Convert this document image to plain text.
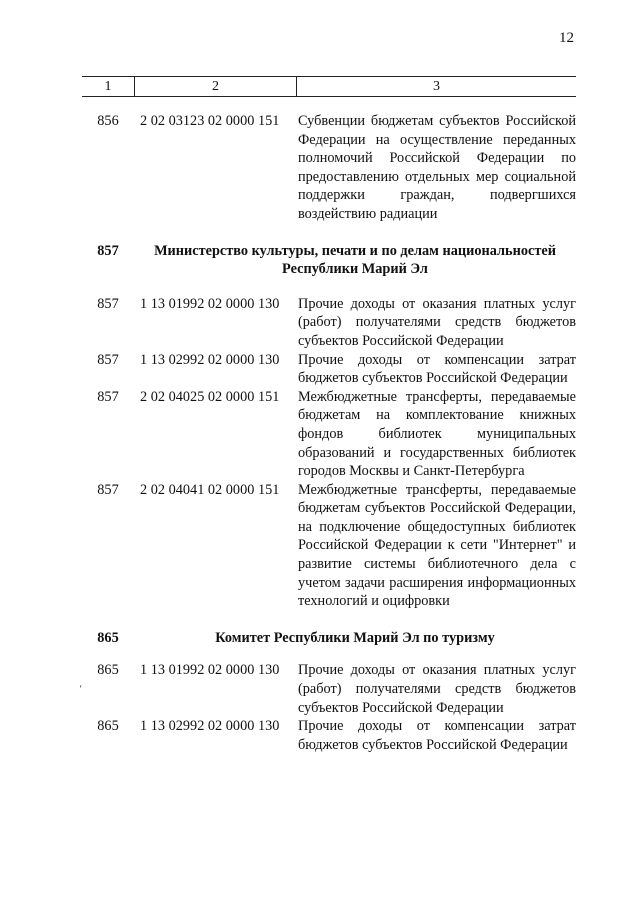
12
‘
1	2	3
856	2 02 03123 02 0000 151	Субвенции бюджетам субъектов Российской Федерации на осуществление переданных полномочий Российской Федерации по предоставлению отдельных мер социальной поддержки граждан, подвергшихся воздействию радиации
857	Министерство культуры, печати и по делам национальностей Республики Марий Эл
857	1 13 01992 02 0000 130	Прочие доходы от оказания платных услуг (работ) получателями средств бюджетов субъектов Российской Федерации
857	1 13 02992 02 0000 130	Прочие доходы от компенсации затрат бюджетов субъектов Российской Федерации
857	2 02 04025 02 0000 151	Межбюджетные трансферты, передаваемые бюджетам на комплектование книжных фондов библиотек муниципальных образований и государственных библиотек городов Москвы и Санкт-Петербурга
857	2 02 04041 02 0000 151	Межбюджетные трансферты, передаваемые бюджетам субъектов Российской Федерации, на подключение общедоступных библиотек Российской Федерации к сети "Интернет" и развитие системы библиотечного дела с учетом задачи расширения информационных технологий и оцифровки
865	Комитет Республики Марий Эл по туризму
865	1 13 01992 02 0000 130	Прочие доходы от оказания платных услуг (работ) получателями средств бюджетов субъектов Российской Федерации
865	1 13 02992 02 0000 130	Прочие доходы от компенсации затрат бюджетов субъектов Российской Федерации
